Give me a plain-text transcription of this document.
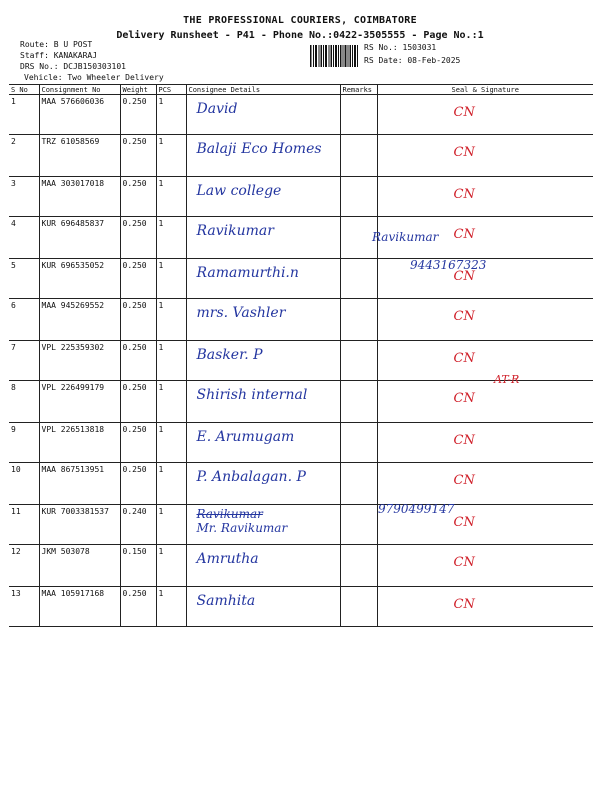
THE PROFESSIONAL COURIERS, COIMBATORE
Delivery Runsheet - P41 - Phone No.:0422-3505555 - Page No.:1
Route: B U POST
Staff: KANAKARAJ
DRS No.: DCJB150303101
Vehicle: Two Wheeler Delivery
RS No.: 1503031
RS Date: 08-Feb-2025
S No	Consignment No	Weight	PCS	Consignee Details	Remarks	Seal & Signature
1	MAA 576606036	0.250	1	David		CN
2	TRZ 61058569	0.250	1	Balaji Eco Homes		CN
3	MAA 303017018	0.250	1	Law college		CN
4	KUR 696485837	0.250	1	Ravikumar		CN
5	KUR 696535052	0.250	1	Ramamurthi.n		CN
6	MAA 945269552	0.250	1	mrs. Vashler		CN
7	VPL 225359302	0.250	1	Basker. P		CN
8	VPL 226499179	0.250	1	Shirish internal		CN
9	VPL 226513818	0.250	1	E. Arumugam		CN
10	MAA 867513951	0.250	1	P. Anbalagan. P		CN
11	KUR 7003381537	0.240	1	Ravikumar
Mr. Ravikumar		CN
12	JKM 503078	0.150	1	Amrutha		CN
13	MAA 105917168	0.250	1	Samhita		CN
Ravikumar
9443167323
AT-R
9790499147
